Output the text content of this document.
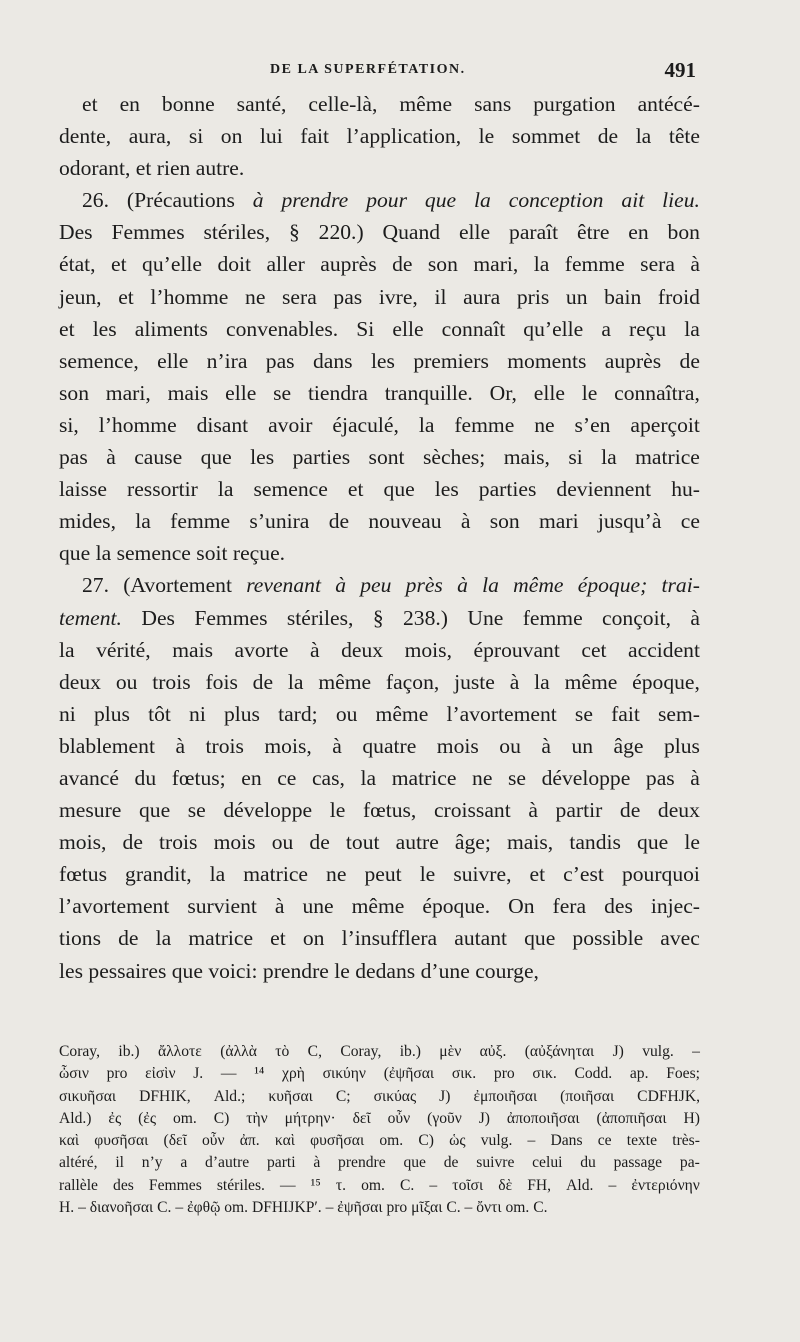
DE LA SUPERFÉTATION.	491
et en bonne santé, celle-là, même sans purgation antécé-
dente, aura, si on lui fait l’application, le sommet de la tête
odorant, et rien autre.
26. (Précautions à prendre pour que la conception ait lieu.
Des Femmes stériles, § 220.) Quand elle paraît être en bon
état, et qu’elle doit aller auprès de son mari, la femme sera à
jeun, et l’homme ne sera pas ivre, il aura pris un bain froid
et les aliments convenables. Si elle connaît qu’elle a reçu la
semence, elle n’ira pas dans les premiers moments auprès de
son mari, mais elle se tiendra tranquille. Or, elle le connaîtra,
si, l’homme disant avoir éjaculé, la femme ne s’en aperçoit
pas à cause que les parties sont sèches; mais, si la matrice
laisse ressortir la semence et que les parties deviennent hu-
mides, la femme s’unira de nouveau à son mari jusqu’à ce
que la semence soit reçue.
27. (Avortement revenant à peu près à la même époque; trai-
tement. Des Femmes stériles, § 238.) Une femme conçoit, à
la vérité, mais avorte à deux mois, éprouvant cet accident
deux ou trois fois de la même façon, juste à la même époque,
ni plus tôt ni plus tard; ou même l’avortement se fait sem-
blablement à trois mois, à quatre mois ou à un âge plus
avancé du fœtus; en ce cas, la matrice ne se développe pas à
mesure que se développe le fœtus, croissant à partir de deux
mois, de trois mois ou de tout autre âge; mais, tandis que le
fœtus grandit, la matrice ne peut le suivre, et c’est pourquoi
l’avortement survient à une même époque. On fera des injec-
tions de la matrice et on l’insufflera autant que possible avec
les pessaires que voici: prendre le dedans d’une courge,
Coray, ib.) ἄλλοτε (ἀλλὰ τὸ C, Coray, ib.) μὲν αὐξ. (αὐξάνηται J) vulg. –
ὦσιν pro εἰσὶν J. — ¹⁴ χρὴ σικύην (ἐψῆσαι σικ. pro σικ. Codd. ap. Foes;
σικυῆσαι DFHIK, Ald.; κυῆσαι C; σικύας J) ἐμποιῆσαι (ποιῆσαι CDFHJK,
Ald.) ἐς (ἐς om. C) τὴν μήτρην· δεῖ οὖν (γοῦν J) ἀποποιῆσαι (ἀποπιῆσαι H)
καὶ φυσῆσαι (δεῖ οὖν ἀπ. καὶ φυσῆσαι om. C) ὡς vulg. – Dans ce texte très-
altéré, il n’y a d’autre parti à prendre que de suivre celui du passage pa-
rallèle des Femmes stériles. — ¹⁵ τ. om. C. – τοῖσι δὲ FH, Ald. – ἐντεριόνην
H. – διανοῆσαι C. – ἐφθῷ om. DFHIJKP′. – ἐψῆσαι pro μῖξαι C. – ὄντι om. C.
